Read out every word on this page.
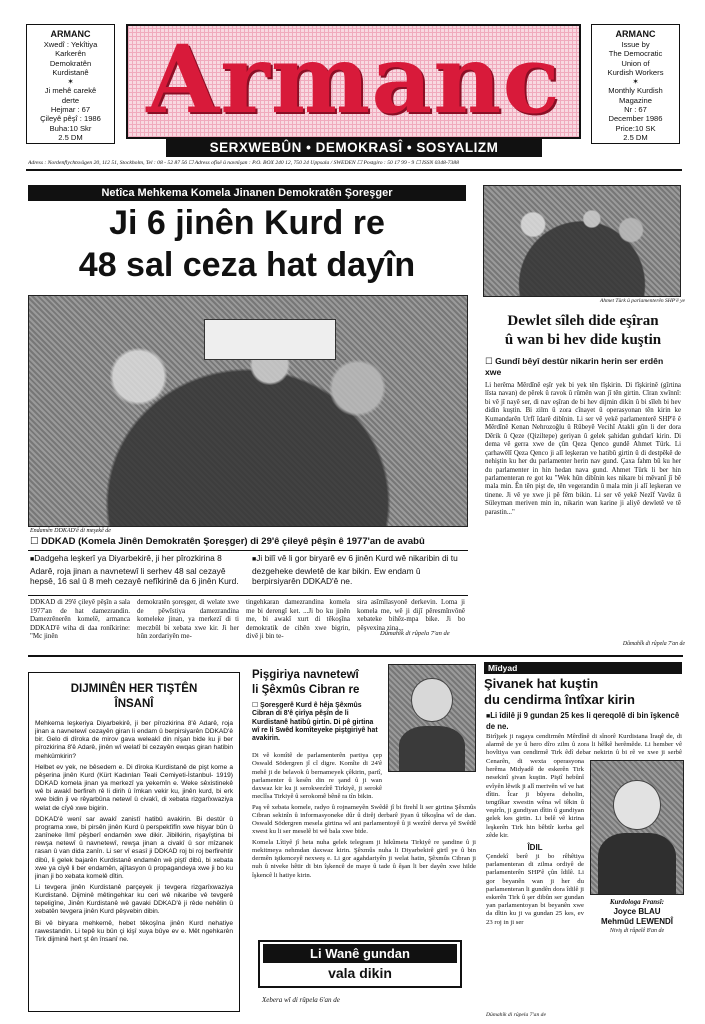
ARMANC
Xwedî : Yekîtiya
Karkerên
Demokratên
Kurdistanê
✶
Ji mehê carekê
derte
Hejmar : 67
Çileyê pêşî : 1986
Buha:10 Skr
2.5 DM
Armanc
SERXWEBÛN • DEMOKRASÎ • SOSYALIZM
ARMANC
Issue by
The Democratic
Union of
Kurdish Workers
✶
Monthly Kurdish
Magazine
Nr : 67
December 1986
Price:10 SK
2.5 DM
Adress : Nordenflychtsvägen 20, 112 51, Stockholm, Tel : 08 - 52 87 56 ☐ Adress ofîsê û navnîşan : P.O. BOX 240 12, 750 24 Uppsala / SWEDEN ☐ Postgiro : 50 17 99 - 9 ☐ ISSN 0348-7388
Netîca Mehkema Komela Jinanen Demokratên Şoreşger
Ji 6 jinên Kurd re
48 sal ceza hat dayîn
Endamên DDKAD'ê di meşekê de
☐ DDKAD (Komela Jinên Demokratên Şoreşger) di 29'ê çileyê pêşîn ê 1977'an de avabû
■ Dadgeha leşkerî ya Diyarbekirê, ji her pîrozkirina 8 Adarê, roja jinan a navnetewî li serhev 48 sal cezayê hepsê, 16 sal û 8 meh cezayê nefîkirinê da 6 jinên Kurd.
■ Ji bilî vê li gor biryarê ev 6 jinên Kurd wê nikaribin di tu dezgeheke dewletê de kar bikin. Ew endam û berpirsiyarên DDKAD'ê ne.
DDKAD di 29'ê çileyê pêşîn a sala 1977'an de hat damezrandin. Damezrênerên komelê, armanca DDKAD'ê wiha di daa ronîkirine: "Mc jinên
demokratên şoreşger, di welate xwe de pêwîstiya damezrandina komeleke jinan, ya merkezî di ti meczbûl bi xebata xwe kir. Ji her hûn zordariyên me-
tingehkaran damezrandina komela me bi derengî ket. ...Ji bo ku jinên me, bi awakî xurt di têkoşîna demokratik de cihên xwe bigrin, divê ji bin te-
sira asîmîlasyonê derkevin. Loma ji komela me, wê ji dijî pêresmînvônê xebateke bihêz-mpa bike. Ji bo pêşvexina zina...
Dûmahîk di rûpela 7'an de
Ahmet Türk û parlamenterên SHP'ê ye
Dewlet sîleh dide eşîran
û wan bi hev dide kuştin
☐ Gundî bêyî destûr nikarin herin ser erdên xwe
Li herêma Mêrdînê eşîr yek bi yek tên fîşkirin. Di fîşkirinê (gîrtina lîsta navan) de pêrek û ravok û rûmên wan jî tên girtin. Cîran xwînnî: bi vê jî nayê ser, di nav eşîran de bi hev dijmin dikin û bi sîleh bi hev didin kuştin. Bi zilm û zora cînayet û operasyonan tên kirin ke Kumandarên Urfî îdarê dibînin. Li ser vê yekê parlamenterê SHP'ê ê Mêrdînê Kenan Nehrozoğlu û Rûbeyê Vecihî Atakli gûn li der dora Dêrik û Qeze (Qiziltepe) geriyan û gelek şahidan guhdarî kirin. Di dema vê gerra xwe de çûn Qeza Qenco gundê Ahmet Türk. Li çarhawêlî Qeza Qenco ji alî leşkeran ve hatibû girtin û di destpêkê de nehiştin ku her du parlamenter herin nav gund. Çaxa fahm bû ku her du parlamenter in hin hedan nava gund. Ahmet Türk li ber hin parlamenteran re got ku "Wek hûn dibînin kes nikare bi mêvanî jî bê mala min. Ên tên pişt de, tên vegerandin û mala min ji alî leşkeran ve tinene. Ji vê ye xwe ji pê fêm bikin. Li ser vê yekê Nezîf Vavûz û Süleyman meriven min in, nikarin wan karine ji aliyê dewletê ve tê parastin..."
Dûmahîk di rûpela 7'an de
DIJMINÊN HER TIŞTÊN
ÎNSANÎ

Mehkema leşkeriya Diyarbekirê, ji ber pîrozkirina 8'ê Adarê, roja jinan a navnetewî cezayên giran li endam û berpirsiyarên DDKAD'ê bir. Gelo di dîroka de mirov gava weleakî din nîşan bide ku ji ber pîrozkirina 8'ê Adarê, jinên wî welatî bi cezayên ewqas giran hatibin mehkûmkirin?

Helbet ev yek, ne bêsedem e. Di dîroka Kurdistanê de pişt kome a pêşerina jinên Kurd (Kürt Kadınları Teali Cemiyeti-İstanbul- 1919) DDKAD komela jinan ya merkezî ya yekemîn e. Weke sêxistinekê wê bi awakî berfireh rê li dirih û îmkan vekir ku, jinên kurd, bi erk xwe bidin ji ve rêyarbûna netewî û civakî, di xebata rizgarîxwaziya welat de cîyê xwe bigirin.

DDKAD'ê wenî sar awakî zanistî hatibû avakirin. Bi destûr û programa xwe, bi pirsên jinên Kurd û perspektîfîn xwe hişyar bûn û zanîneke îlmî pêşberî endamên xwe dikir. Jibilkirin, rişayîştina bi rewşa netewî û navnetewî, rewşa jinan a civakî û sor mîzanek rasan û van dida zanîn. Li ser vî esasî ji DDKAD roj bi roj berfirehtir dibû, li gelek bajarên Kurdistanê endamên wê piştî dibû, bi xebata xwe ya ciyê li ber endamên, ajîtasyon û propagandeya xwe ji bo ku jinan ji bo xebata komelê dîtin.

Li tevgera jinên Kurdistanê parçeyek ji tevgera rizgarîxwaziya Kurdistanê. Dijminê mêtingehkar ku ceri wê nikaribe vê tevgerê tepeligîne, Jinên Kurdistanê wê gavaki DDKAD'ê ji rêde nehêlin û xebatên tevgera jinên Kurd pêşvebin dibin.

Bi vê biryara mehkemê, hebet têkoşîna jinên Kurd nehatiye rawestandin. Li tepê ku bûn çi kişî xuya bûye ev e. Mêt ngehkarên Tirk dijminê hert şt ên însanî ne.

Pişgiriya navnetewî
li Şêxmûs Cibran re
☐ Şoreşgerê Kurd ê hêja Şêxmûs Cibran di 8'ê çirîya pêşîn de li Kurdistanê hatibû girtin. Di pê girtina wî re li Swêd komîteyeke piştgiriyê hat avakirin.

Di vê komîtê de parlamenterên partiya çep Oswald Södergren jî cî digre. Komîte di 24'ê mehê ji de belavok û bernameyek çêkirin, partî, parlamenter û kesên din re şand û ji wan daxwaz kir ku ji serokwezîrê Tirkiyê, ji serokê meclîsa Tirkiyê û serokomê bênê ra tîn bikin.

Paş vê xebata komele, radyo û rojnameyên Swêdê jî bi firehî li ser girtina Şêxmûs Cibran sekinîn û informasyoneke dûr û dirêj derbarê jiyan û têkoşîna wî de dan. Oswald Södergren mesela girtina wî ani parlamentoyê û ji wezîrê derva yê Swêdê xwest ku li ser meselê bi wê bala xwe bide.

Komela Lîtiyê jî heta nuha gelek telegram ji hikûmeta Tirkiyê re şandine û ji mekitmeya nehmdan daxwaz kirin. Şêxmûs nuha li Diyarbekirê girtî ye û bin dermên iştkenceyê nexweş e. Li gor agahdariyên ji welat hatin, Şêxmûs Cibran ji nuh û niveke hêtir di bin îşkencê de maye û tade û êşan li ber dayên xwe hilde îşkencê li hatiye kirin.

Li Wanê gundan
vala dikin
Xebera wî di rûpela 6'an de
Mîdyad
Şivanek hat kuştin
du cendirma întîxar kirin
■ Li îdilê ji 9 gundan 25 kes li qereqolê di bin îşkencê de ne.
Birîjşek ji ragaya cendirmên Mêrdînê di sînorê Kurdistana Îraqê de, di alarmê de ye û hero dîro zilm û zora li hêlkê herêmêde. Li hember vê hovîtiya van cendirmê Tirk êdî debar nekirin û bi rê ve xwe ji serbê

Cenarên, di wexta operasyona herêma Midyadê de eskerên Tirk nesekinî şivan kuştin. Piştî hebûnî evîyên lêwik ji alî merivên wî ve hat dîtin. Îcar ji bûyera deholin, tengtîkar xwestin wêna wî têkin û veşirîn, ji gundiyan dîtin û gundiyan gelek kes girtin. Li belê vê kirina leşkerên Tirk hin bêbtîr kerba gel zêde kir.

ÎDIL

Çendekî berê ji bo rêhêtiya parlamenteran di zilma ordiyê de parlamenterên SHP'ê çûn îdilê. Li gor beyanên wan ji her du parlamenteran li gundên dora îdilê ji eskerên Tirk û şer dibûn ser gundan yan parlamentoyan bi beyanên xwe da dîtin ku ji va gundan 25 kes, ev 23 roj in ji ser

Kurdologa Fransî:
Joyce BLAU
Mehmûd LEWENDÎ
Niviş di rûpelê 8'an de
Dûmahîk di rûpela 7'an de
